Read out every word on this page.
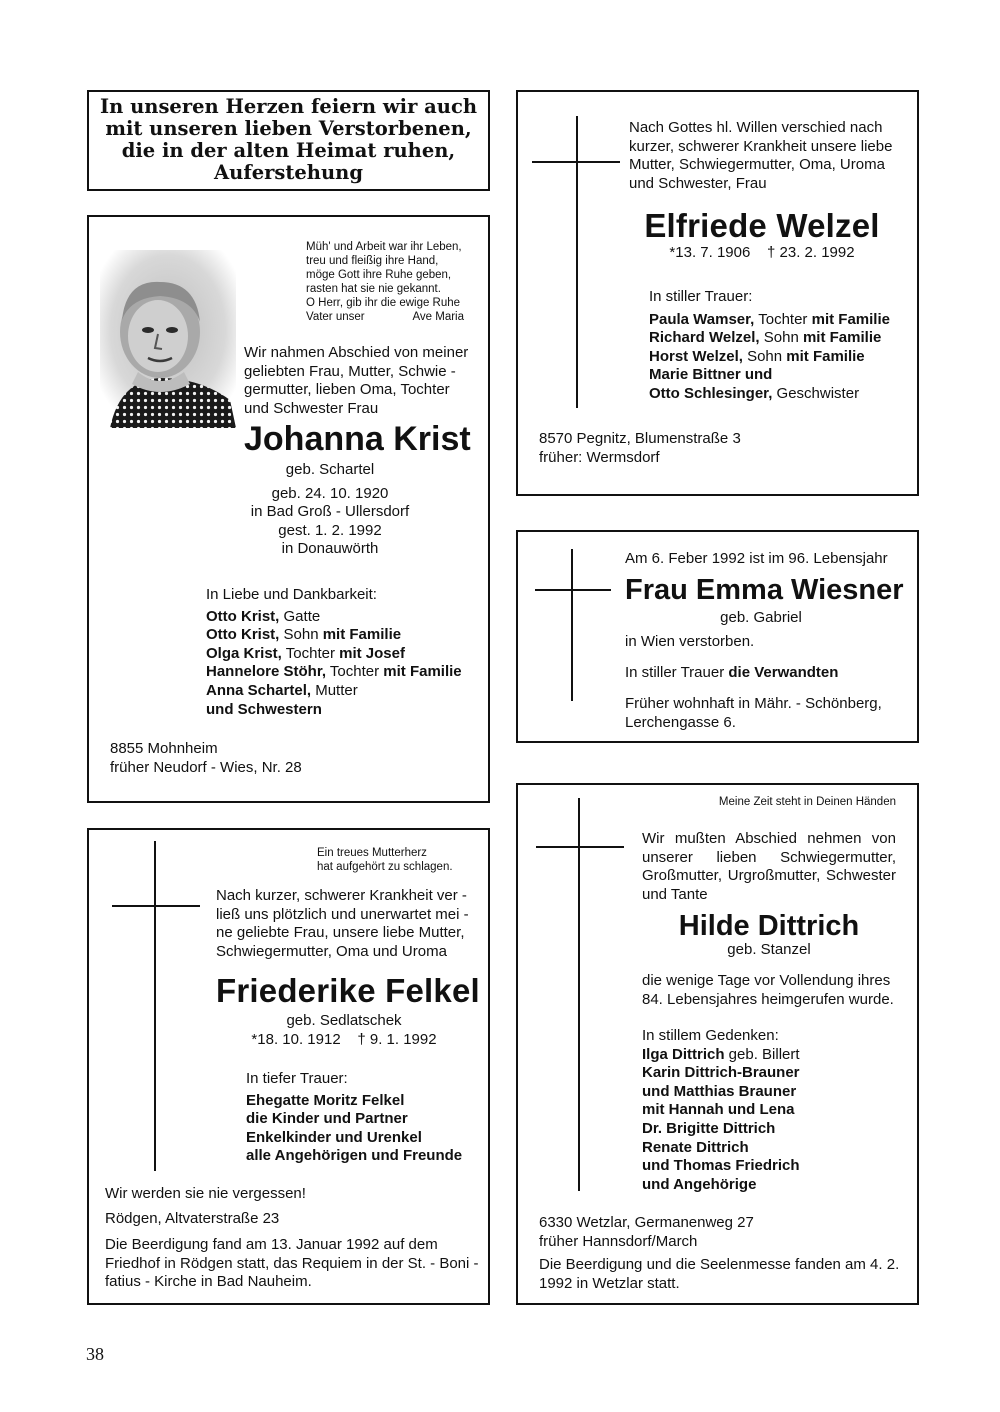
In unseren Herzen feiern wir auch
mit unseren lieben Verstorbenen,
die in der alten Heimat ruhen,
Auferstehung
Müh' und Arbeit war ihr Leben,
treu und fleißig ihre Hand,
möge Gott ihre Ruhe geben,
rasten hat sie nie gekannt.
O Herr, gib ihr die ewige Ruhe
Vater unser	Ave Maria
Wir nahmen Abschied von meiner
geliebten Frau, Mutter, Schwie -
germutter, lieben Oma, Tochter
und Schwester Frau
Johanna Krist
geb. Schartel
geb. 24. 10. 1920
in Bad Groß - Ullersdorf
gest. 1. 2. 1992
in Donauwörth
In Liebe und Dankbarkeit:
Otto Krist, Gatte
Otto Krist, Sohn mit Familie
Olga Krist, Tochter mit Josef
Hannelore Stöhr, Tochter mit Familie
Anna Schartel, Mutter
und Schwestern
8855 Mohnheim
früher Neudorf - Wies, Nr. 28
Nach Gottes hl. Willen verschied nach
kurzer, schwerer Krankheit unsere liebe
Mutter, Schwiegermutter, Oma, Uroma
und Schwester, Frau
Elfriede Welzel
*13. 7. 1906    † 23. 2. 1992
In stiller Trauer:
Paula Wamser, Tochter mit Familie
Richard Welzel, Sohn mit Familie
Horst Welzel, Sohn mit Familie
Marie Bittner und
Otto Schlesinger, Geschwister
8570 Pegnitz, Blumenstraße 3
früher: Wermsdorf
Am 6. Feber 1992 ist im 96. Lebensjahr
Frau Emma Wiesner
geb. Gabriel
in Wien verstorben.
In stiller Trauer die Verwandten
Früher wohnhaft in Mähr. - Schönberg,
Lerchengasse 6.
Ein treues Mutterherz
hat aufgehört zu schlagen.
Nach kurzer, schwerer Krankheit ver -
ließ uns plötzlich und unerwartet mei -
ne geliebte Frau, unsere liebe Mutter,
Schwiegermutter, Oma und Uroma
Friederike Felkel
geb. Sedlatschek
*18. 10. 1912    † 9. 1. 1992
In tiefer Trauer:
Ehegatte Moritz Felkel
die Kinder und Partner
Enkelkinder und Urenkel
alle Angehörigen und Freunde
Wir werden sie nie vergessen!
Rödgen, Altvaterstraße 23
Die Beerdigung fand am 13. Januar 1992 auf dem
Friedhof in Rödgen statt, das Requiem in der St. - Boni -
fatius - Kirche in Bad Nauheim.
Meine Zeit steht in Deinen Händen
Wir mußten Abschied nehmen von
unserer lieben Schwiegermutter,
Großmutter, Urgroßmutter, Schwester
und Tante
Hilde Dittrich
geb. Stanzel
die wenige Tage vor Vollendung ihres
84. Lebensjahres heimgerufen wurde.
In stillem Gedenken:
Ilga Dittrich geb. Billert
Karin Dittrich-Brauner
und Matthias Brauner
mit Hannah und Lena
Dr. Brigitte Dittrich
Renate Dittrich
und Thomas Friedrich
und Angehörige
6330 Wetzlar, Germanenweg 27
früher Hannsdorf/March
Die Beerdigung und die Seelenmesse fanden am 4. 2.
1992 in Wetzlar statt.
38
